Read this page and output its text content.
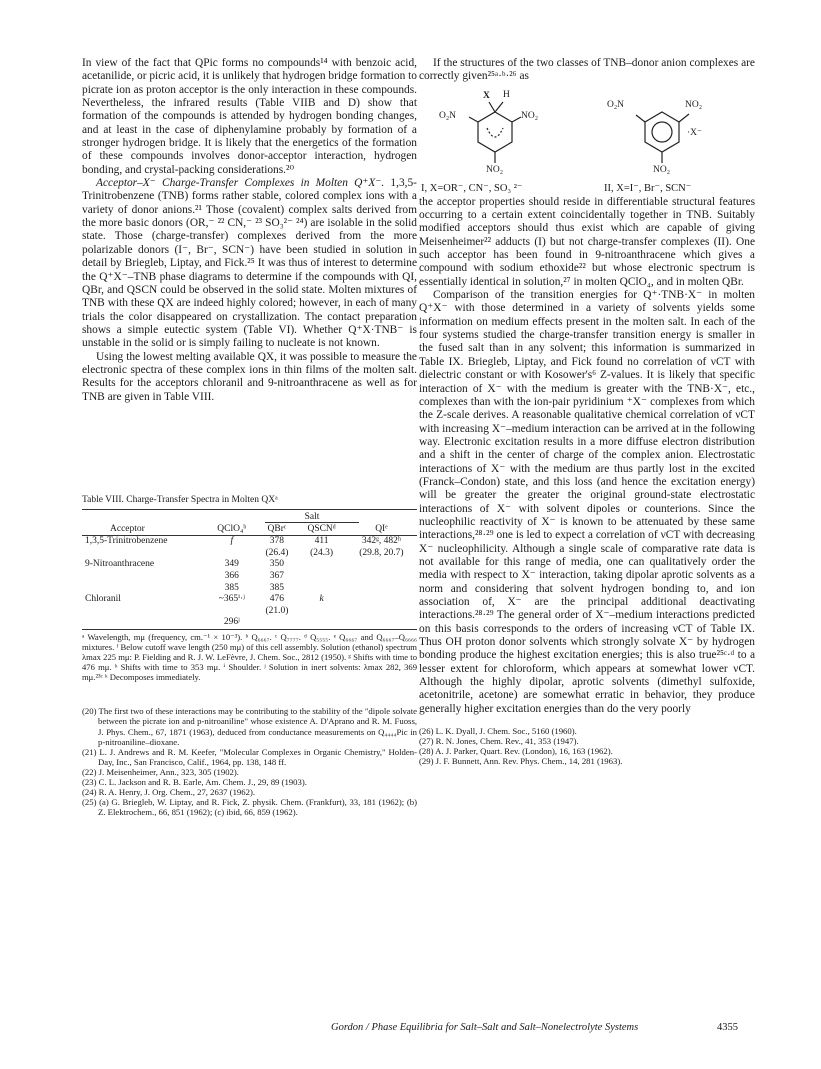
In view of the fact that QPic forms no compounds¹⁴ with benzoic acid, acetanilide, or picric acid, it is unlikely that hydrogen bridge formation to picrate ion as proton acceptor is the only interaction in these compounds. Nevertheless, the infrared results (Table VIIB and D) show that formation of the compounds is attended by hydrogen bonding changes, and at least in the case of diphenylamine probably by formation of a stronger hydrogen bridge. It is likely that the energetics of the formation of these compounds involves donor-acceptor interaction, hydrogen bonding, and crystal-packing considerations.²⁰

Acceptor–X⁻ Charge-Transfer Complexes in Molten Q⁺X⁻. 1,3,5-Trinitrobenzene (TNB) forms rather stable, colored complex ions with a variety of donor anions.²¹ Those (covalent) complex salts derived from the more basic donors (OR,⁻ ²² CN,⁻ ²³ SO₃²⁻ ²⁴) are isolable in the solid state. Those (charge-transfer) complexes derived from the more polarizable donors (I⁻, Br⁻, SCN⁻) have been studied in solution in detail by Briegleb, Liptay, and Fick.²⁵ It was thus of interest to determine the Q⁺X⁻–TNB phase diagrams to determine if the compounds with QI, QBr, and QSCN could be observed in the solid state. Molten mixtures of TNB with these QX are indeed highly colored; however, in each of many trials the color disappeared on crystallization. The contact preparation shows a simple eutectic system (Table VI). Whether Q⁺X·TNB⁻ is unstable in the solid or is simply failing to nucleate is not known.

Using the lowest melting available QX, it was possible to measure the electronic spectra of these complex ions in thin films of the molten salt. Results for the acceptors chloranil and 9-nitroanthracene as well as for TNB are given in Table VIII.

Table VIII. Charge-Transfer Spectra in Molten QXᵃ
	Salt			
Acceptor	QClO₄ᵇ	QBrᶜ	QSCNᵈ	QIᵉ
1,3,5-Trinitrobenzene	f	378	411	342ᵍ, 482ʰ
		(26.4)	(24.3)	(29.8, 20.7)
9-Nitroanthracene	349	350		
	366	367		
	385	385		
Chloranil	~365ⁱ·ʲ	476	k	
		(21.0)		
	296ʲ			

ᵃ Wavelength, mμ (frequency, cm.⁻¹ × 10⁻³). ᵇ Q₆₆₆₇. ᶜ Q₇₇₇₇. ᵈ Q₅₅₅₅. ᵉ Q₆₆₆₇ and Q₆₆₆₇–Q₆₆₆₆ mixtures. ᶠ Below cutoff wave length (250 mμ) of this cell assembly. Solution (ethanol) spectrum λmax 225 mμ: P. Fielding and R. J. W. LeFèvre, J. Chem. Soc., 2812 (1950). ᵍ Shifts with time to 476 mμ. ʰ Shifts with time to 353 mμ. ⁱ Shoulder. ʲ Solution in inert solvents: λmax 282, 369 mμ.²³ᶜ ᵏ Decomposes immediately.

(20) The first two of these interactions may be contributing to the stability of the "dipole solvate between the picrate ion and p-nitroaniline" whose existence A. D'Aprano and R. M. Fuoss, J. Phys. Chem., 67, 1871 (1963), deduced from conductance measurements on Q₄₄₄₄Pic in p-nitroaniline–dioxane.

(21) L. J. Andrews and R. M. Keefer, "Molecular Complexes in Organic Chemistry," Holden-Day, Inc., San Francisco, Calif., 1964, pp. 138, 148 ff.

(22) J. Meisenheimer, Ann., 323, 305 (1902).

(23) C. L. Jackson and R. B. Earle, Am. Chem. J., 29, 89 (1903).

(24) R. A. Henry, J. Org. Chem., 27, 2637 (1962).

(25) (a) G. Briegleb, W. Liptay, and R. Fick, Z. physik. Chem. (Frankfurt), 33, 181 (1962); (b) Z. Elektrochem., 66, 851 (1962); (c) ibid, 66, 859 (1962).

If the structures of the two classes of TNB–donor anion complexes are correctly given²⁵ᵃ·ᵇ·²⁶ as

O₂N
X H
NO₂
NO₂
O₂N	NO₂
·X⁻
NO₂
I, X=OR⁻, CN⁻, SO₃ ²⁻	II, X=I⁻, Br⁻, SCN⁻

the acceptor properties should reside in differentiable structural features occurring to a certain extent coincidentally together in TNB. Suitably modified acceptors should thus exist which are capable of giving Meisenheimer²² adducts (I) but not charge-transfer complexes (II). One such acceptor has been found in 9-nitroanthracene which gives a compound with sodium ethoxide²² but whose electronic spectrum is essentially identical in solution,²⁷ in molten QClO₄, and in molten QBr.

Comparison of the transition energies for Q⁺·TNB·X⁻ in molten Q⁺X⁻ with those determined in a variety of solvents yields some information on medium effects present in the molten salt. In each of the four systems studied the charge-transfer transition energy is smaller in the fused salt than in any solvent; this information is summarized in Table IX. Briegleb, Liptay, and Fick found no correlation of νCT with dielectric constant or with Kosower's⁶ Z-values. It is likely that specific interaction of X⁻ with the medium is greater with the TNB·X⁻, etc., complexes than with the ion-pair pyridinium ⁺X⁻ complexes from which the Z-scale derives. A reasonable qualitative chemical correlation of νCT with increasing X⁻–medium interaction can be arrived at in the following way. Electronic excitation results in a more diffuse electron distribution and a shift in the center of charge of the complex anion. Electrostatic interactions of X⁻ with the medium are thus partly lost in the excited (Franck–Condon) state, and this loss (and hence the excitation energy) will be greater the greater the original ground-state electrostatic interactions of X⁻ with solvent dipoles or counterions. Since the nucleophilic reactivity of X⁻ is known to be attenuated by these same interactions,²⁸·²⁹ one is led to expect a correlation of νCT with decreasing X⁻ nucleophilicity. Although a single scale of comparative rate data is not available for this range of media, one can qualitatively order the media with respect to X⁻ interaction, taking dipolar aprotic solvents as a norm and considering that solvent hydrogen bonding to, and ion association of, X⁻ are the principal additional deactivating interactions.²⁸·²⁹ The general order of X⁻–medium interactions predicted on this basis corresponds to the orders of increasing νCT of Table IX. Thus OH proton donor solvents which strongly solvate X⁻ by hydrogen bonding produce the highest excitation energies; this is also true²⁵ᶜ·ᵈ to a lesser extent for chloroform, which appears at somewhat lower νCT. Although the highly dipolar, aprotic solvents (dimethyl sulfoxide, acetonitrile, acetone) are somewhat erratic in behavior, they produce generally higher excitation energies than do the very poorly

(26) L. K. Dyall, J. Chem. Soc., 5160 (1960).

(27) R. N. Jones, Chem. Rev., 41, 353 (1947).

(28) A. J. Parker, Quart. Rev. (London), 16, 163 (1962).

(29) J. F. Bunnett, Ann. Rev. Phys. Chem., 14, 281 (1963).

Gordon / Phase Equilibria for Salt–Salt and Salt–Nonelectrolyte Systems	4355
